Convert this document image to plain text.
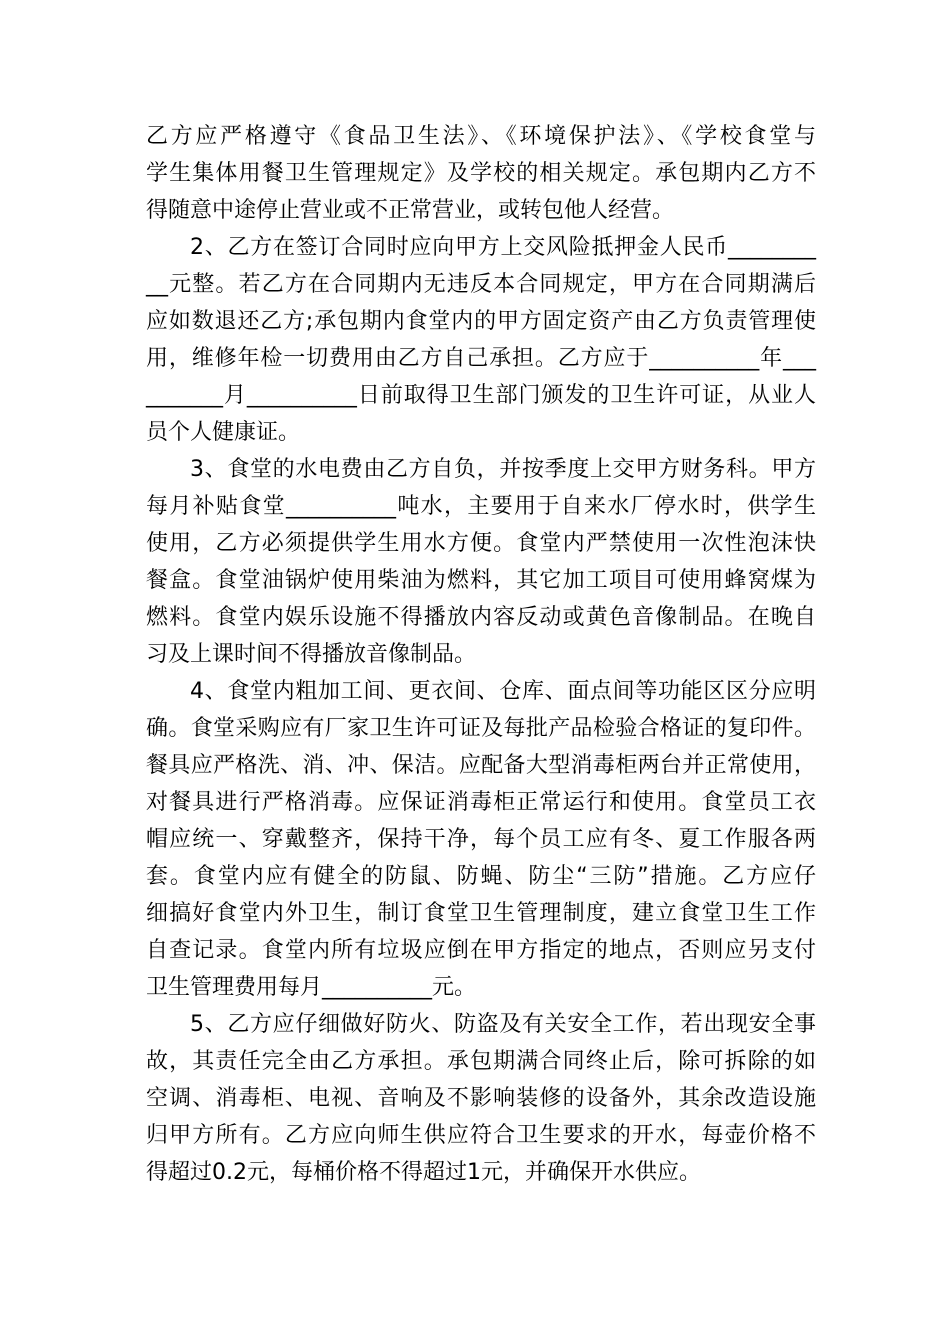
乙方应严格遵守《食品卫生法》、《环境保护法》、《学校食堂与
学生集体用餐卫生管理规定》及学校的相关规定。承包期内乙方不
得随意中途停止营业或不正常营业，或转包他人经营。
2、乙方在签订合同时应向甲方上交风险抵押金人民币________
__元整。若乙方在合同期内无违反本合同规定，甲方在合同期满后
应如数退还乙方;承包期内食堂内的甲方固定资产由乙方负责管理使
用，维修年检一切费用由乙方自己承担。乙方应于__________年___
_______月__________日前取得卫生部门颁发的卫生许可证，从业人
员个人健康证。
3、食堂的水电费由乙方自负，并按季度上交甲方财务科。甲方
每月补贴食堂__________吨水，主要用于自来水厂停水时，供学生
使用，乙方必须提供学生用水方便。食堂内严禁使用一次性泡沫快
餐盒。食堂油锅炉使用柴油为燃料，其它加工项目可使用蜂窝煤为
燃料。食堂内娱乐设施不得播放内容反动或黄色音像制品。在晚自
习及上课时间不得播放音像制品。
4、食堂内粗加工间、更衣间、仓库、面点间等功能区区分应明
确。食堂采购应有厂家卫生许可证及每批产品检验合格证的复印件。
餐具应严格洗、消、冲、保洁。应配备大型消毒柜两台并正常使用，
对餐具进行严格消毒。应保证消毒柜正常运行和使用。食堂员工衣
帽应统一、穿戴整齐，保持干净，每个员工应有冬、夏工作服各两
套。食堂内应有健全的防鼠、防蝇、防尘“三防”措施。乙方应仔
细搞好食堂内外卫生，制订食堂卫生管理制度，建立食堂卫生工作
自查记录。食堂内所有垃圾应倒在甲方指定的地点，否则应另支付
卫生管理费用每月__________元。
5、乙方应仔细做好防火、防盗及有关安全工作，若出现安全事
故，其责任完全由乙方承担。承包期满合同终止后，除可拆除的如
空调、消毒柜、电视、音响及不影响装修的设备外，其余改造设施
归甲方所有。乙方应向师生供应符合卫生要求的开水，每壶价格不
得超过0.2元，每桶价格不得超过1元，并确保开水供应。
